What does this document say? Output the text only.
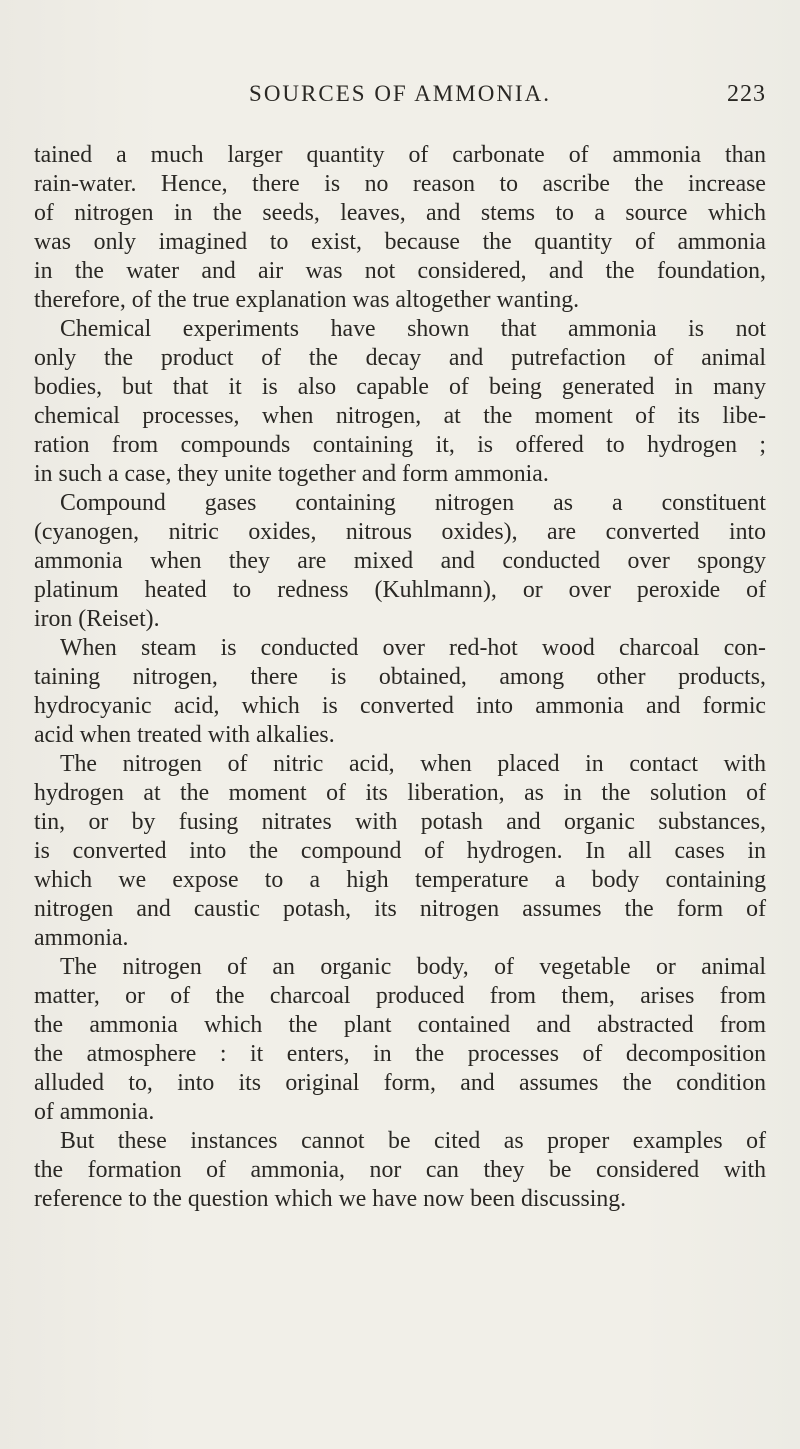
SOURCES OF AMMONIA.	223
tained a much larger quantity of carbonate of ammonia than
rain-water. Hence, there is no reason to ascribe the increase
of nitrogen in the seeds, leaves, and stems to a source which
was only imagined to exist, because the quantity of ammonia
in the water and air was not considered, and the foundation,
therefore, of the true explanation was altogether wanting.
Chemical experiments have shown that ammonia is not
only the product of the decay and putrefaction of animal
bodies, but that it is also capable of being generated in many
chemical processes, when nitrogen, at the moment of its libe-
ration from compounds containing it, is offered to hydrogen ;
in such a case, they unite together and form ammonia.
Compound gases containing nitrogen as a constituent
(cyanogen, nitric oxides, nitrous oxides), are converted into
ammonia when they are mixed and conducted over spongy
platinum heated to redness (Kuhlmann), or over peroxide of
iron (Reiset).
When steam is conducted over red-hot wood charcoal con-
taining nitrogen, there is obtained, among other products,
hydrocyanic acid, which is converted into ammonia and formic
acid when treated with alkalies.
The nitrogen of nitric acid, when placed in contact with
hydrogen at the moment of its liberation, as in the solution of
tin, or by fusing nitrates with potash and organic substances,
is converted into the compound of hydrogen. In all cases in
which we expose to a high temperature a body containing
nitrogen and caustic potash, its nitrogen assumes the form of
ammonia.
The nitrogen of an organic body, of vegetable or animal
matter, or of the charcoal produced from them, arises from
the ammonia which the plant contained and abstracted from
the atmosphere : it enters, in the processes of decomposition
alluded to, into its original form, and assumes the condition
of ammonia.
But these instances cannot be cited as proper examples of
the formation of ammonia, nor can they be considered with
reference to the question which we have now been discussing.
